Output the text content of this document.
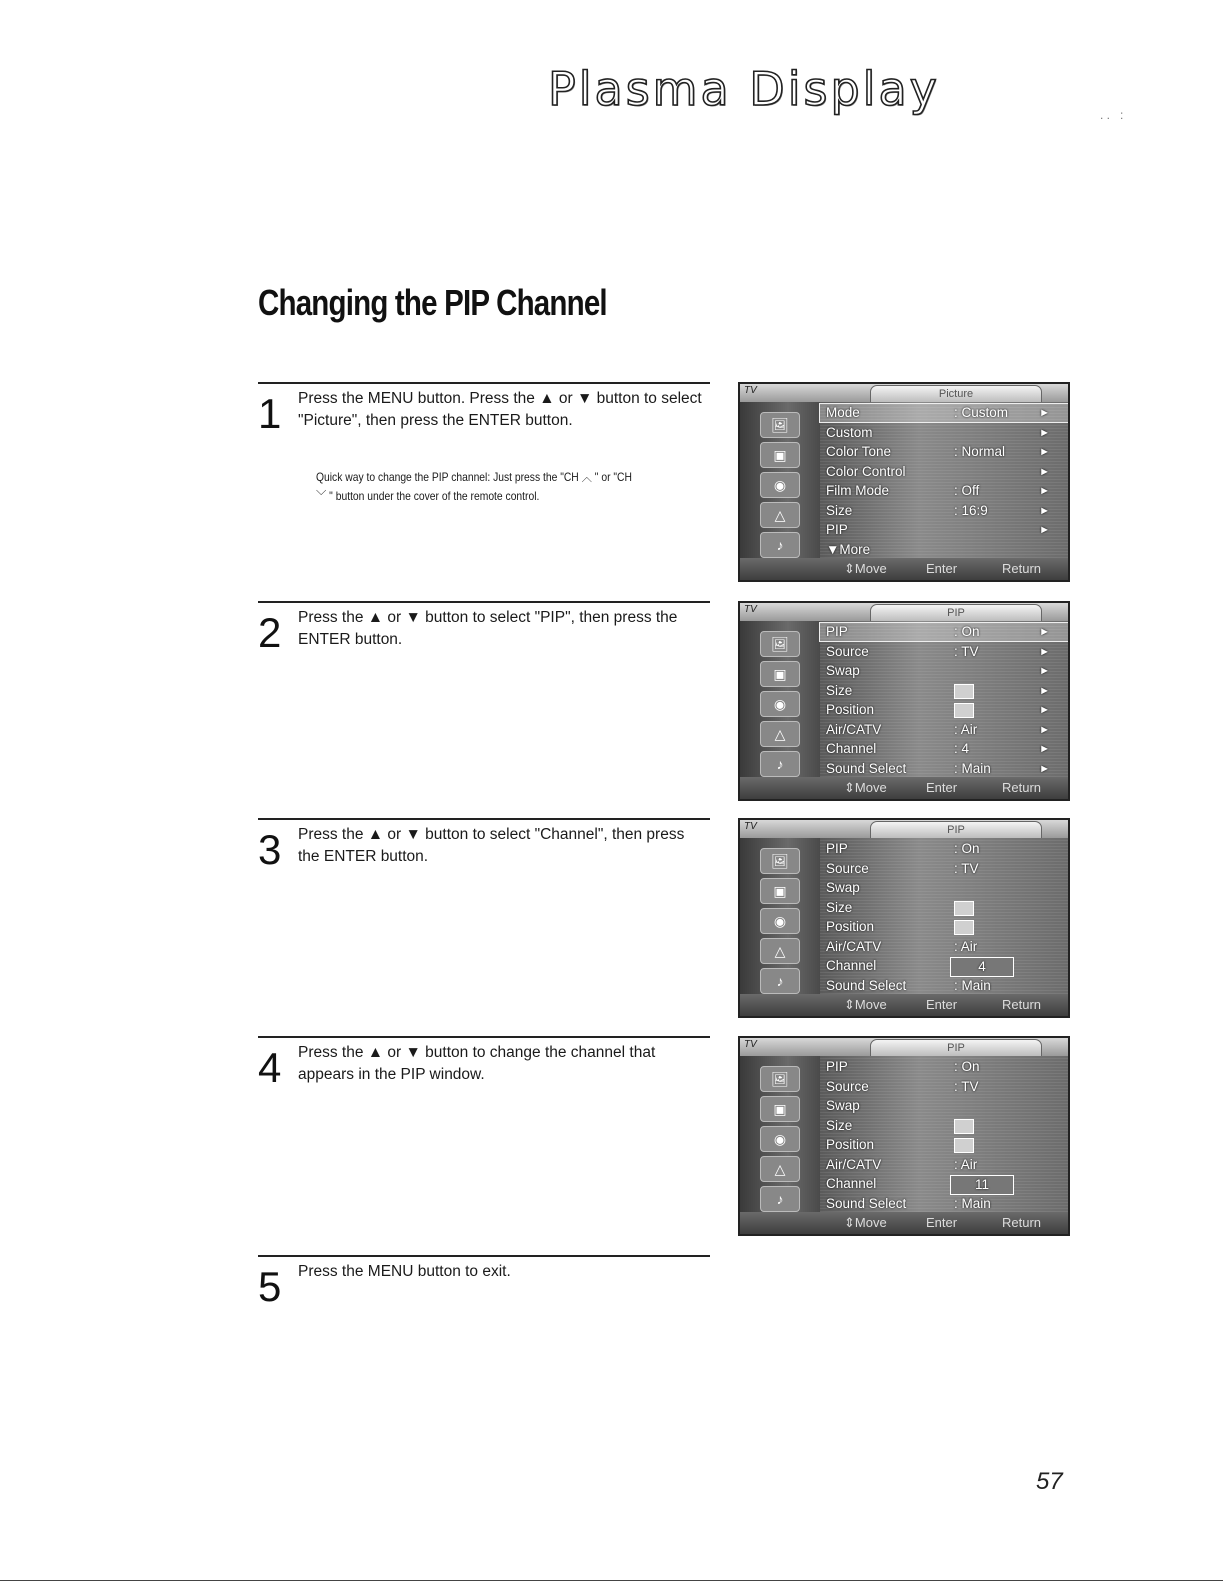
Plasma Display	. .   :
Changing the PIP Channel
1 Press the MENU button. Press the ▲ or ▼ button to select "Picture", then press the ENTER button.
Quick way to change the PIP channel: Just press the "CH ︿ " or "CH ﹀ " button under the cover of the remote control.
2 Press the ▲ or ▼ button to select "PIP", then press the ENTER button.
3 Press the ▲ or ▼ button to select "Channel", then press the ENTER button.
4 Press the ▲ or ▼ button to change the channel that appears in the PIP window.
5 Press the MENU button to exit.
TV	Picture
🖼
▣
◉
△
♪
Mode	: Custom	►
Custom	►
Color Tone	: Normal	►
Color Control	►
Film Mode	: Off	►
Size	: 16:9	►
PIP	►
▼More
⇕Move	Enter	Return
TV	PIP
🖼
▣
◉
△
♪
PIP	: On	►
Source	: TV	►
Swap	►
Size	►
Position	►
Air/CATV	: Air	►
Channel	: 4	►
Sound Select	: Main	►
⇕Move	Enter	Return
TV	PIP
🖼
▣
◉
△
♪
PIP	: On
Source	: TV
Swap
Size
Position
Air/CATV	: Air
Channel	4
Sound Select	: Main
⇕Move	Enter	Return
TV	PIP
🖼
▣
◉
△
♪
PIP	: On
Source	: TV
Swap
Size
Position
Air/CATV	: Air
Channel	11
Sound Select	: Main
⇕Move	Enter	Return
57
